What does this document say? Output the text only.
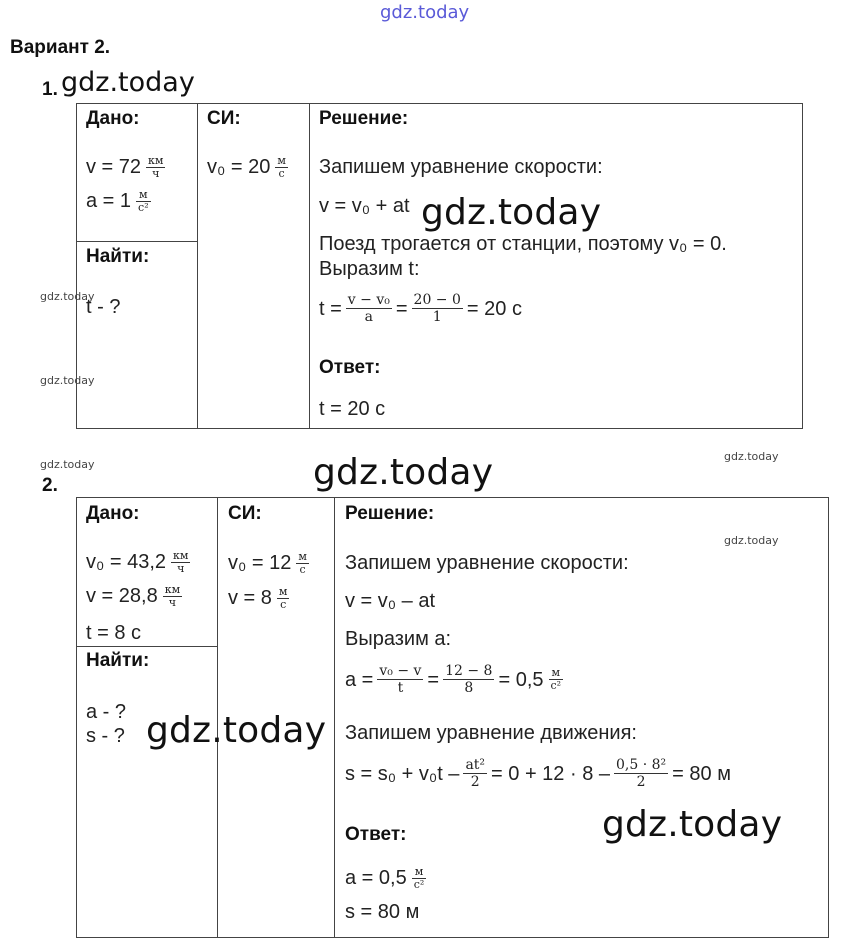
gdz.today
Вариант 2.
1. gdz.today
Дано:
$v = 72 \frac{км}{ч}$
$a = 1 \frac{м}{\text{с²}}$
Найти:
t - ?
СИ:
$v_0 = 20 \frac{м}{с}$
Решение:
Запишем уравнение скорости:
v = v₀ + at
Поезд трогается от станции, поэтому v₀ = 0.
Выразим t:
$t = \frac{\text{v − v₀}}{a} = \frac{20 - 0}{1} = 20$ с
Ответ:
t = 20 с
gdz.today
gdz.today
gdz.today
gdz.today
gdz.today
2.	gdz.today
Дано:
$v_0 = 43,2 \frac{км}{ч}$
$v = 28,8 \frac{км}{ч}$
t = 8 с
Найти:
a - ?
s - ?
СИ:
$v_0 = 12 \frac{м}{с}$
$v = 8 \frac{м}{с}$
Решение:
gdz.today
Запишем уравнение скорости:
v = v₀ – at
Выразим a:
$a = \frac{\text{v₀ − v}}{t} = \frac{12 - 8}{8} = 0,5 \frac{м}{\text{с²}}$
Запишем уравнение движения:
$s = s_0 + v_0t - \frac{\text{at²}}{2} = 0 + 12 \cdot 8 - \frac{\text{0,5 · 8²}}{2} = 80$ м
Ответ:
$a = 0,5 \frac{м}{\text{с²}}$
s = 80 м
gdz.today
gdz.today
